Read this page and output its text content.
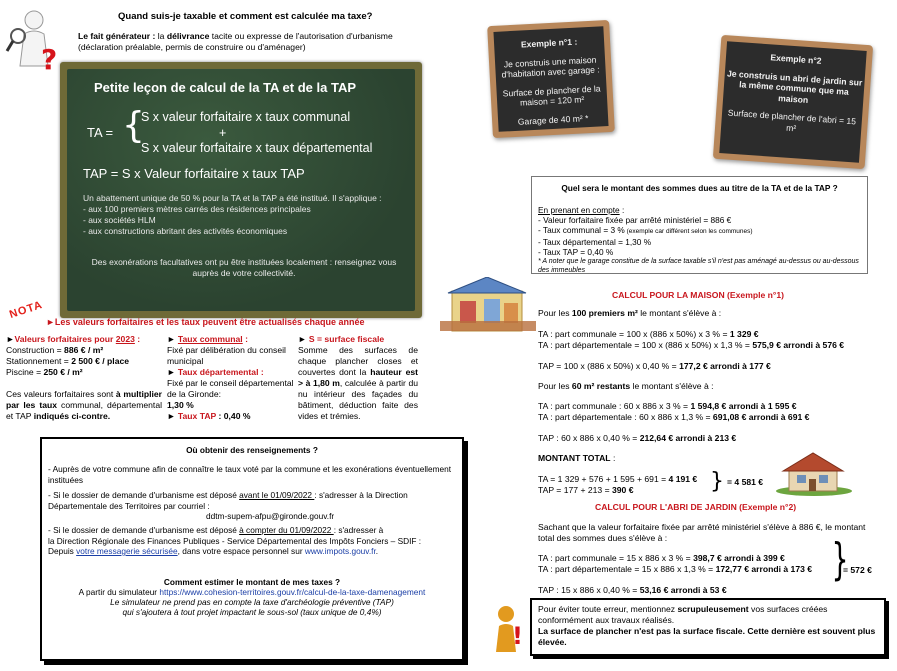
?
Quand suis-je taxable et comment est calculée ma taxe?
Le fait générateur : la délivrance tacite ou expresse de l'autorisation d'urbanisme (déclaration préalable, permis de construire ou d'aménager)
Petite leçon de calcul de la TA et de la TAP
TA = {
S x valeur forfaitaire x taux communal
+
S x valeur forfaitaire x taux départemental
TAP = S x Valeur forfaitaire x taux TAP
Un abattement unique de 50 % pour la TA et la TAP a été institué. Il s'applique :
- aux 100 premiers mètres carrés des résidences principales
- aux sociétés HLM
- aux constructions abritant des activités économiques
Des exonérations facultatives ont pu être instituées localement : renseignez vous auprès de votre collectivité.
NOTA
►Les valeurs forfaitaires et les taux peuvent être actualisés chaque année
►Valeurs forfaitaires pour 2023 :
Construction = 886 € / m²
Stationnement = 2 500 € / place
Piscine = 250 € / m²
Ces valeurs forfaitaires sont à multiplier par les taux communal, départemental et TAP indiqués ci-contre.
► Taux communal :
Fixé par délibération du conseil municipal
► Taux départemental :
Fixé par le conseil départemental de la Gironde:
1,30 %
► Taux TAP : 0,40 %
► S = surface fiscale
Somme des surfaces de chaque plancher closes et couvertes dont la hauteur est > à 1,80 m, calculée à partir du nu intérieur des façades du bâtiment, déduction faite des vides et trémies.
Où obtenir des renseignements ?
- Auprès de votre commune afin de connaître le taux voté par la commune et les exonérations éventuellement instituées
- Si le dossier de demande d'urbanisme est déposé avant le 01/09/2022 : s'adresser à la Direction Départementale des Territoires par courriel :
ddtm-supem-afpu@gironde.gouv.fr
- Si le dossier de demande d'urbanisme est déposé à compter du 01/09/2022 : s'adresser à
la Direction Régionale des Finances Publiques - Service Départemental des Impôts Fonciers – SDIF :
Depuis votre messagerie sécurisée, dans votre espace personnel sur www.impots.gouv.fr.
Comment estimer le montant de mes taxes ?
A partir du simulateur https://www.cohesion-territoires.gouv.fr/calcul-de-la-taxe-damenagement
Le simulateur ne prend pas en compte la taxe d'archéologie préventive (TAP)
qui s'ajoutera à tout projet impactant le sous-sol (taux unique de 0,4%)
Exemple n°1 :
Je construis une maison d'habitation avec garage :
Surface de plancher de la maison = 120 m²
Garage de 40 m² *
Exemple n°2
Je construis un abri de jardin sur la même commune que ma maison
Surface de plancher de l'abri = 15 m²
Quel sera le montant des sommes dues au titre de la TA et de la TAP ?
En prenant en compte :
- Valeur forfaitaire fixée par arrêté ministériel = 886 €
- Taux communal = 3 % (exemple car différent selon les communes)
- Taux départemental = 1,30 %
- Taux TAP = 0,40 %
* A noter que le garage constitue de la surface taxable s'il n'est pas aménagé au-dessus ou au-dessous des immeubles
CALCUL POUR LA MAISON (Exemple n°1)
Pour les 100 premiers m² le montant s'élève à :
TA : part communale = 100 x (886 x 50%) x 3 % = 1 329 €
TA : part départementale = 100 x (886 x 50%) x 1,3 % = 575,9 € arrondi à 576 €
TAP = 100 x (886 x 50%) x 0,40 % = 177,2 € arrondi à 177 €
Pour les 60 m² restants le montant s'élève à :
TA : part communale : 60 x 886 x 3 % = 1 594,8 € arrondi à 1 595 €
TA : part départementale : 60 x 886 x 1,3 % = 691,08 € arrondi à 691 €
TAP : 60 x 886 x 0,40 % = 212,64 € arrondi à 213 €
MONTANT TOTAL :
TA = 1 329 + 576 + 1 595 + 691 = 4 191 €
TAP = 177 + 213 = 390 €	} = 4 581 €
CALCUL POUR L'ABRI DE JARDIN (Exemple n°2)
Sachant que la valeur forfaitaire fixée par arrêté ministériel s'élève à 886 €, le montant total des sommes dues s'élève à :
TA : part communale = 15 x 886 x 3 % = 398,7 € arrondi à 399 €
TA : part départementale = 15 x 886 x 1,3 % = 172,77 € arrondi à 173 €
TAP : 15 x 886 x 0,40 % = 53,16 € arrondi à 53 €
}
= 572 €
!
Pour éviter toute erreur, mentionnez scrupuleusement vos surfaces créées conformément aux travaux réalisés.
La surface de plancher n'est pas la surface fiscale. Cette dernière est souvent plus élevée.
